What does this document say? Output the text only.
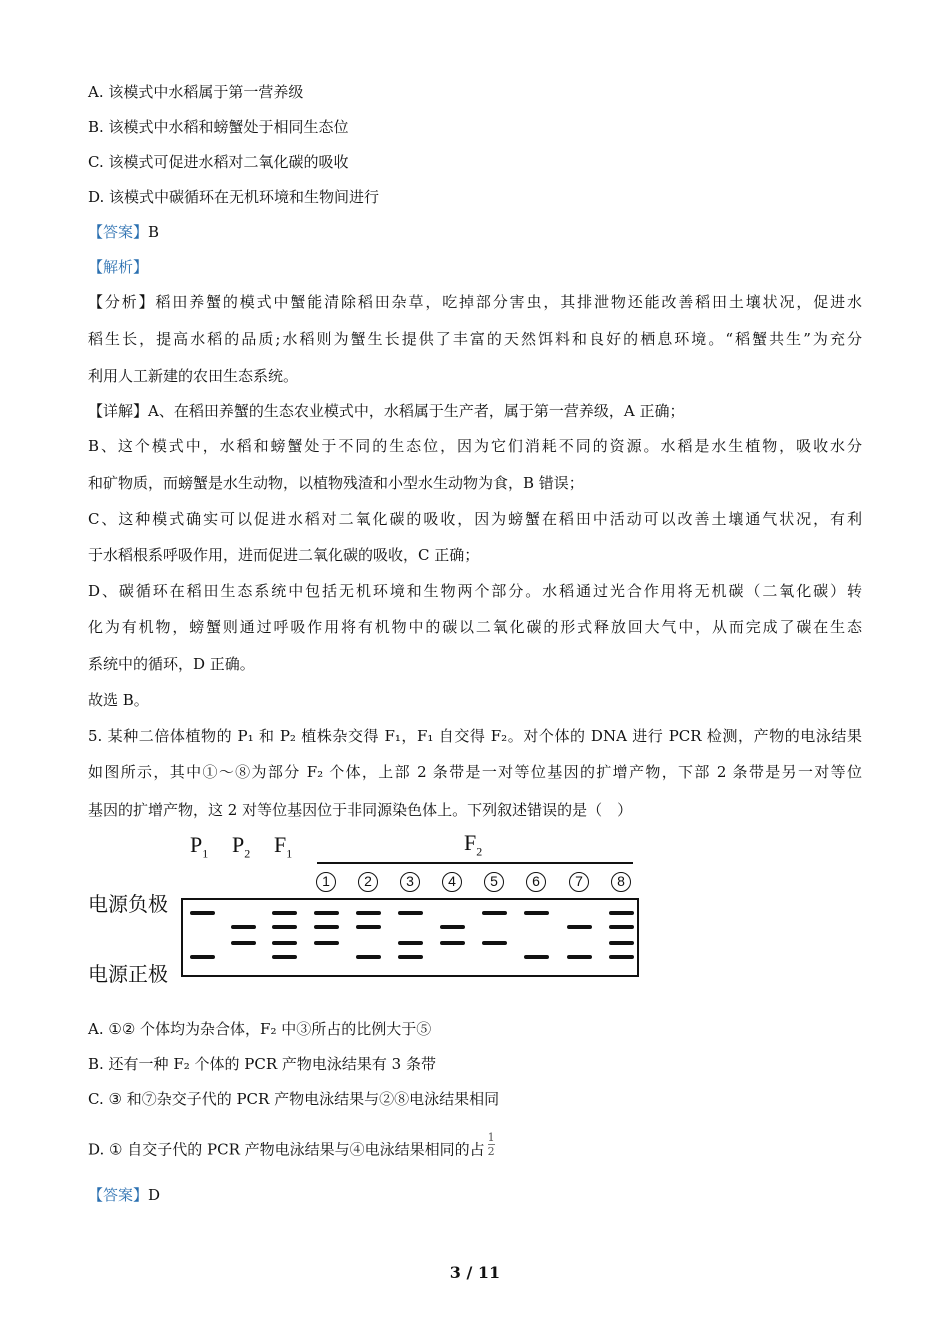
A. 该模式中水稻属于第一营养级
B. 该模式中水稻和螃蟹处于相同生态位
C. 该模式可促进水稻对二氧化碳的吸收
D. 该模式中碳循环在无机环境和生物间进行
【答案】B
【解析】
【分析】稻田养蟹的模式中蟹能清除稻田杂草，吃掉部分害虫，其排泄物还能改善稻田土壤状况，促进水
稻生长，提高水稻的品质;水稻则为蟹生长提供了丰富的天然饵料和良好的栖息环境。“稻蟹共生”为充分
利用人工新建的农田生态系统。
【详解】A、在稻田养蟹的生态农业模式中，水稻属于生产者，属于第一营养级，A 正确；
B、这个模式中，水稻和螃蟹处于不同的生态位，因为它们消耗不同的资源。水稻是水生植物，吸收水分
和矿物质，而螃蟹是水生动物，以植物残渣和小型水生动物为食，B 错误；
C、这种模式确实可以促进水稻对二氧化碳的吸收，因为螃蟹在稻田中活动可以改善土壤通气状况，有利
于水稻根系呼吸作用，进而促进二氧化碳的吸收，C 正确；
D、碳循环在稻田生态系统中包括无机环境和生物两个部分。水稻通过光合作用将无机碳（二氧化碳）转
化为有机物，螃蟹则通过呼吸作用将有机物中的碳以二氧化碳的形式释放回大气中，从而完成了碳在生态
系统中的循环，D 正确。
故选 B。
5. 某种二倍体植物的 P₁ 和 P₂ 植株杂交得 F₁，F₁ 自交得 F₂。对个体的 DNA 进行 PCR 检测，产物的电泳结果
如图所示，其中①～⑧为部分 F₂ 个体，上部 2 条带是一对等位基因的扩增产物，下部 2 条带是另一对等位
基因的扩增产物，这 2 对等位基因位于非同源染色体上。下列叙述错误的是（　）
$P_1$ $P_2$ $F_1$	$F_2$
1	2	3	4	5	6	7	8
电源负极
电源正极
A. ①② 个体均为杂合体，F₂ 中③所占的比例大于⑤
B. 还有一种 F₂ 个体的 PCR 产物电泳结果有 3 条带
C. ③ 和⑦杂交子代的 PCR 产物电泳结果与②⑧电泳结果相同
D. ① 自交子代的 PCR 产物电泳结果与④电泳结果相同的占 $\frac{1}{2}$
【答案】D
3 / 11
